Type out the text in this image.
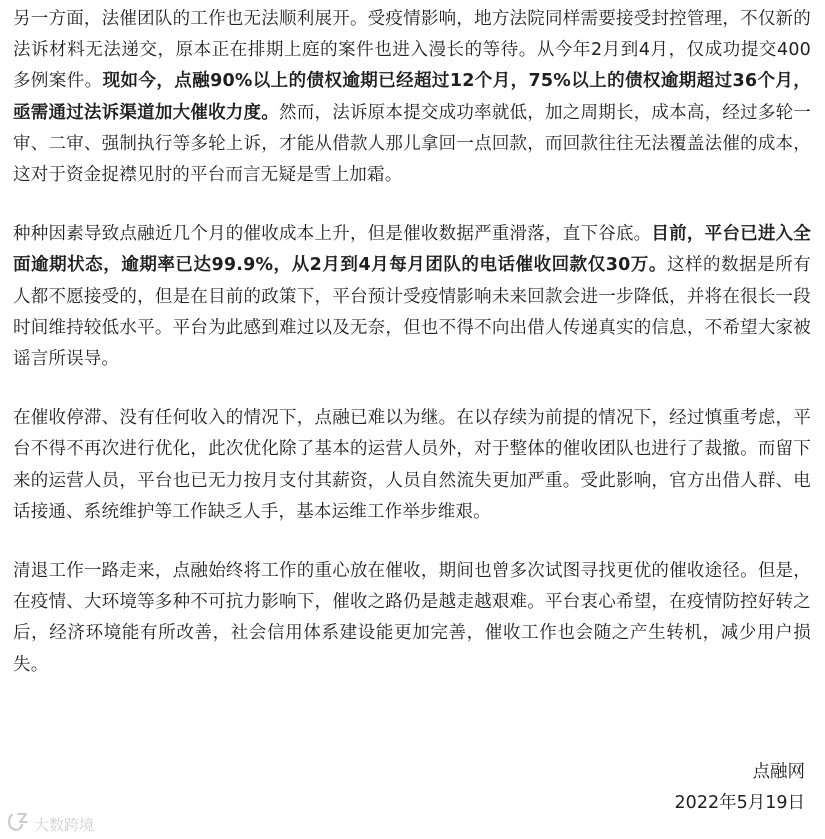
另一方面，法催团队的工作也无法顺利展开。受疫情影响，地方法院同样需要接受封控管理，不仅新的法诉材料无法递交，原本正在排期上庭的案件也进入漫长的等待。从今年2月到4月，仅成功提交400多例案件。现如今，点融90%以上的债权逾期已经超过12个月，75%以上的债权逾期超过36个月，亟需通过法诉渠道加大催收力度。然而，法诉原本提交成功率就低，加之周期长，成本高，经过多轮一审、二审、强制执行等多轮上诉，才能从借款人那儿拿回一点回款，而回款往往无法覆盖法催的成本，这对于资金捉襟见肘的平台而言无疑是雪上加霜。

种种因素导致点融近几个月的催收成本上升，但是催收数据严重滑落，直下谷底。目前，平台已进入全面逾期状态，逾期率已达99.9%，从2月到4月每月团队的电话催收回款仅30万。这样的数据是所有人都不愿接受的，但是在目前的政策下，平台预计受疫情影响未来回款会进一步降低，并将在很长一段时间维持较低水平。平台为此感到难过以及无奈，但也不得不向出借人传递真实的信息，不希望大家被谣言所误导。

在催收停滞、没有任何收入的情况下，点融已难以为继。在以存续为前提的情况下，经过慎重考虑，平台不得不再次进行优化，此次优化除了基本的运营人员外，对于整体的催收团队也进行了裁撤。而留下来的运营人员，平台也已无力按月支付其薪资，人员自然流失更加严重。受此影响，官方出借人群、电话接通、系统维护等工作缺乏人手，基本运维工作举步维艰。

清退工作一路走来，点融始终将工作的重心放在催收，期间也曾多次试图寻找更优的催收途径。但是，在疫情、大环境等多种不可抗力影响下，催收之路仍是越走越艰难。平台衷心希望，在疫情防控好转之后，经济环境能有所改善，社会信用体系建设能更加完善，催收工作也会随之产生转机，减少用户损失。

点融网
2022年5月19日
大数跨境
